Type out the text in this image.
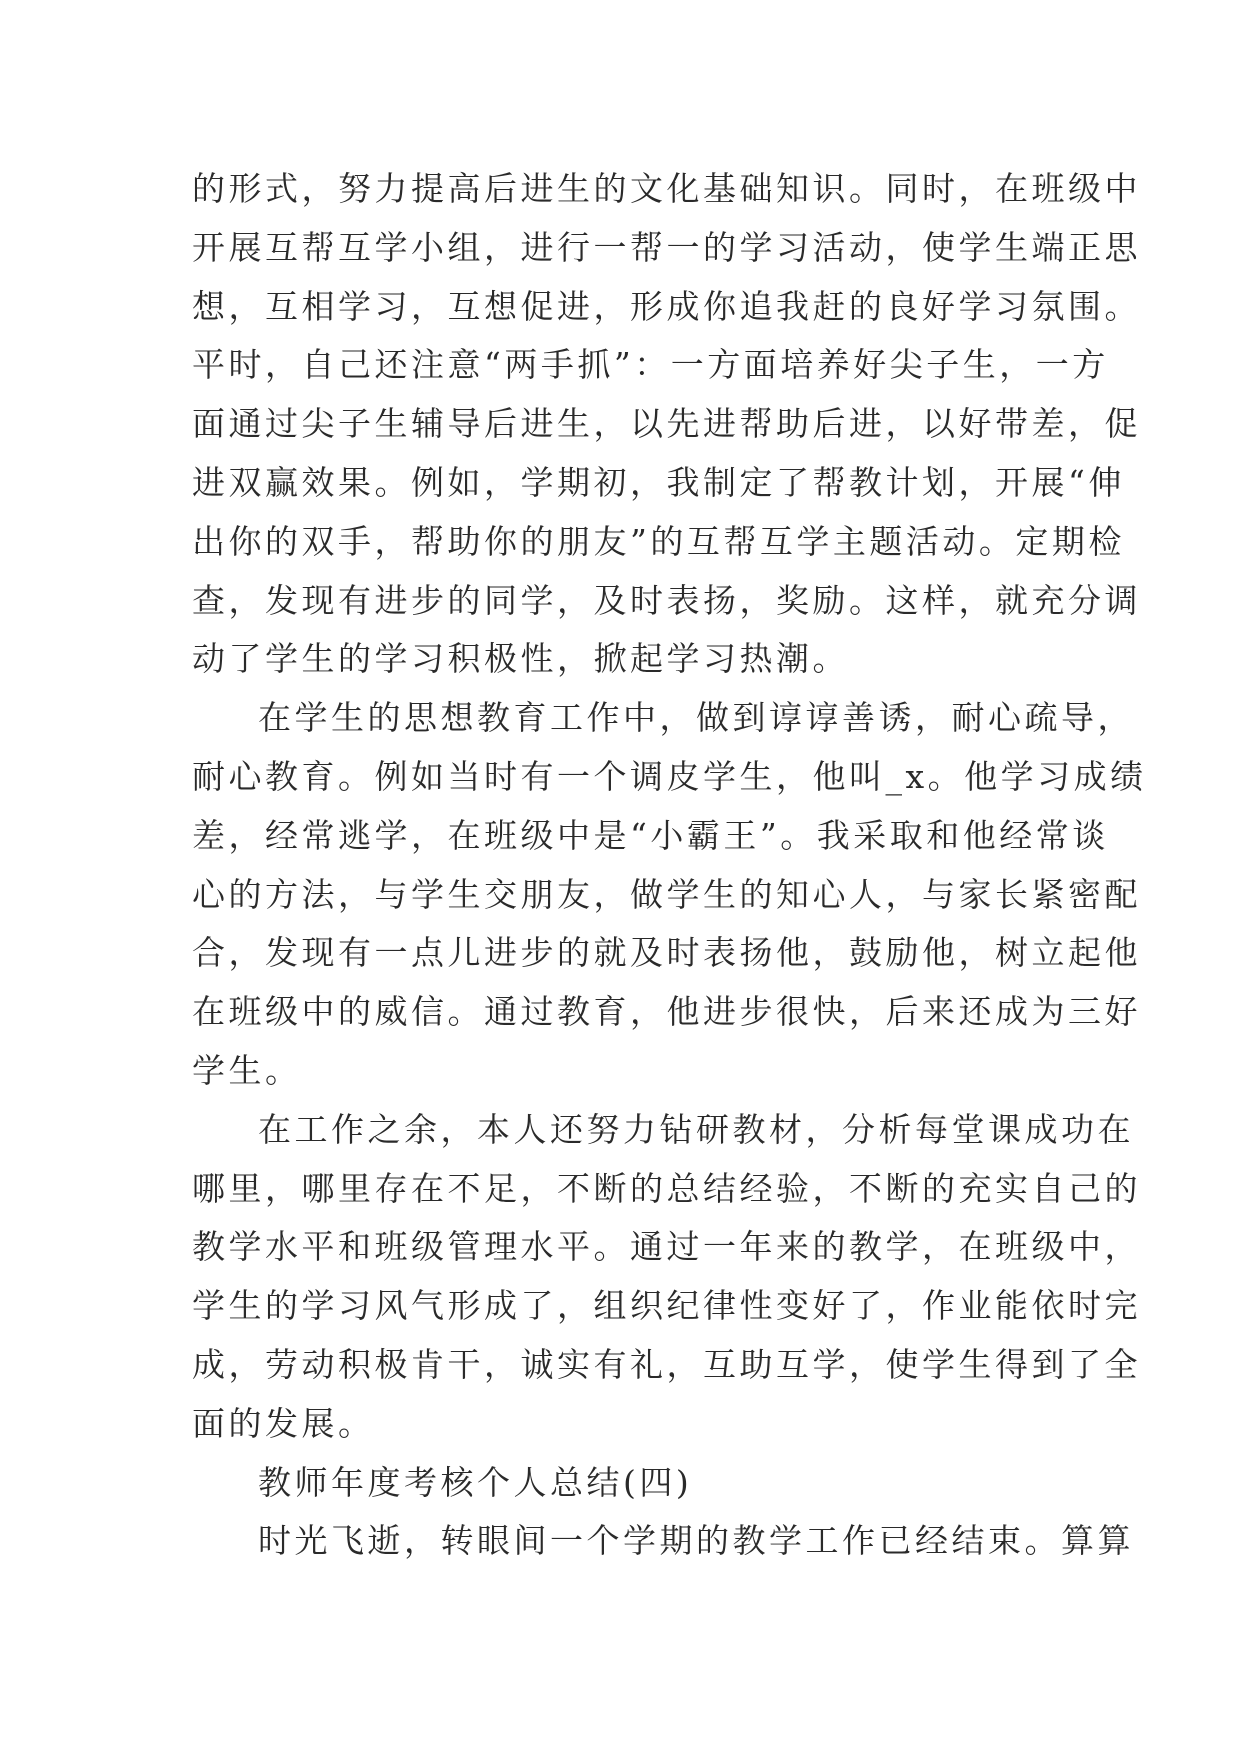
的形式，努力提高后进生的文化基础知识。同时，在班级中
开展互帮互学小组，进行一帮一的学习活动，使学生端正思
想，互相学习，互想促进，形成你追我赶的良好学习氛围。
平时，自己还注意“两手抓”：一方面培养好尖子生，一方
面通过尖子生辅导后进生，以先进帮助后进，以好带差，促
进双赢效果。例如，学期初，我制定了帮教计划，开展“伸
出你的双手，帮助你的朋友”的互帮互学主题活动。定期检
查，发现有进步的同学，及时表扬，奖励。这样，就充分调
动了学生的学习积极性，掀起学习热潮。
在学生的思想教育工作中，做到谆谆善诱，耐心疏导，
耐心教育。例如当时有一个调皮学生，他叫_x。他学习成绩
差，经常逃学，在班级中是“小霸王”。我采取和他经常谈
心的方法，与学生交朋友，做学生的知心人，与家长紧密配
合，发现有一点儿进步的就及时表扬他，鼓励他，树立起他
在班级中的威信。通过教育，他进步很快，后来还成为三好
学生。
在工作之余，本人还努力钻研教材，分析每堂课成功在
哪里，哪里存在不足，不断的总结经验，不断的充实自己的
教学水平和班级管理水平。通过一年来的教学，在班级中，
学生的学习风气形成了，组织纪律性变好了，作业能依时完
成，劳动积极肯干，诚实有礼，互助互学，使学生得到了全
面的发展。
教师年度考核个人总结(四)
时光飞逝，转眼间一个学期的教学工作已经结束。算算
